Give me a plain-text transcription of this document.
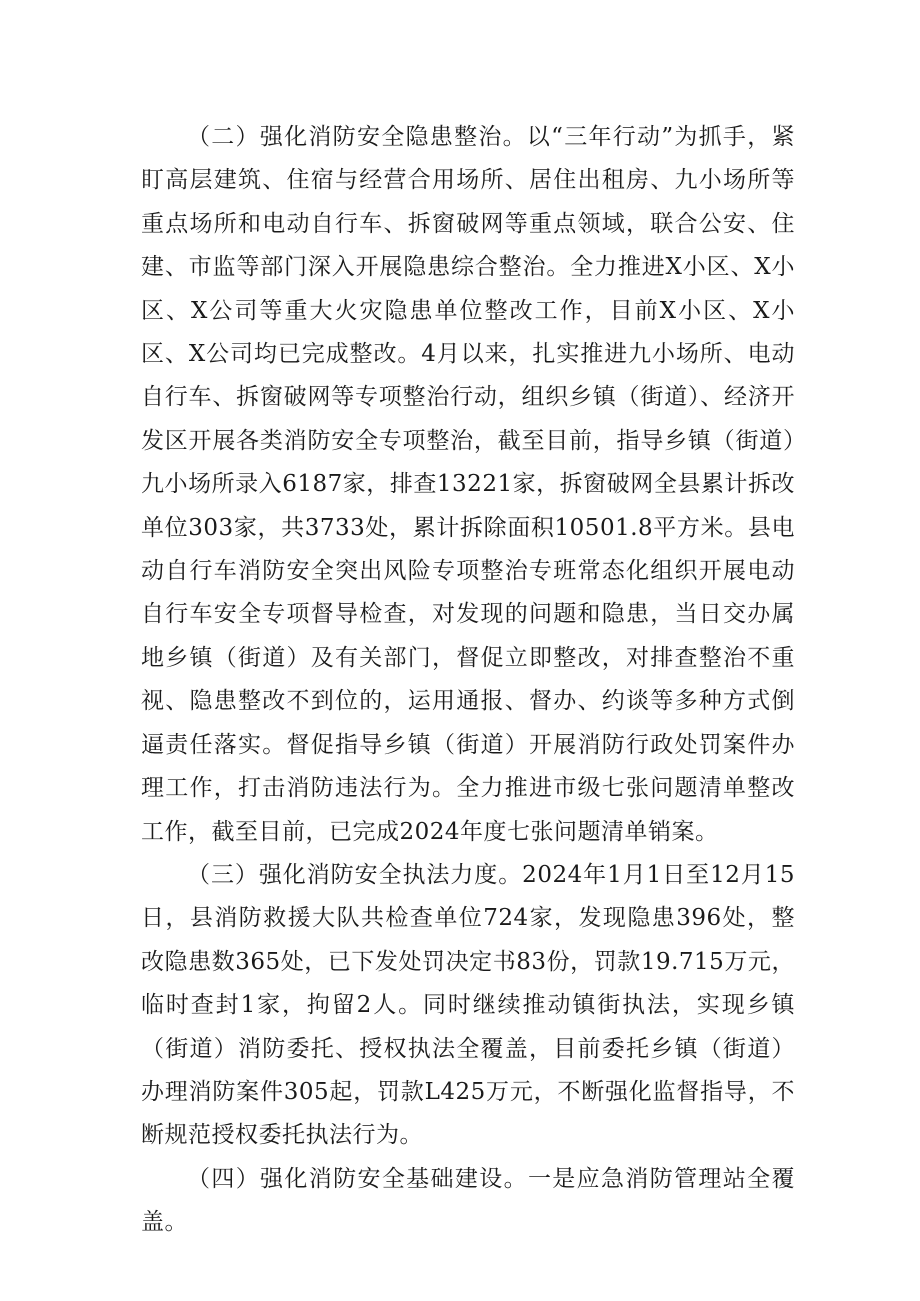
（二）强化消防安全隐患整治。以“三年行动”为抓手，紧盯高层建筑、住宿与经营合用场所、居住出租房、九小场所等重点场所和电动自行车、拆窗破网等重点领域，联合公安、住建、市监等部门深入开展隐患综合整治。全力推进X小区、X小区、X公司等重大火灾隐患单位整改工作，目前X小区、X小区、X公司均已完成整改。4月以来，扎实推进九小场所、电动自行车、拆窗破网等专项整治行动，组织乡镇（街道）、经济开发区开展各类消防安全专项整治，截至目前，指导乡镇（街道）九小场所录入6187家，排查13221家，拆窗破网全县累计拆改单位303家，共3733处，累计拆除面积10501.8平方米。县电动自行车消防安全突出风险专项整治专班常态化组织开展电动自行车安全专项督导检查，对发现的问题和隐患，当日交办属地乡镇（街道）及有关部门，督促立即整改，对排查整治不重视、隐患整改不到位的，运用通报、督办、约谈等多种方式倒逼责任落实。督促指导乡镇（街道）开展消防行政处罚案件办理工作，打击消防违法行为。全力推进市级七张问题清单整改工作，截至目前，已完成2024年度七张问题清单销案。

（三）强化消防安全执法力度。2024年1月1日至12月15日，县消防救援大队共检查单位724家，发现隐患396处，整改隐患数365处，已下发处罚决定书83份，罚款19.715万元，临时查封1家，拘留2人。同时继续推动镇街执法，实现乡镇（街道）消防委托、授权执法全覆盖，目前委托乡镇（街道）办理消防案件305起，罚款L425万元，不断强化监督指导，不断规范授权委托执法行为。

（四）强化消防安全基础建设。一是应急消防管理站全覆盖。
